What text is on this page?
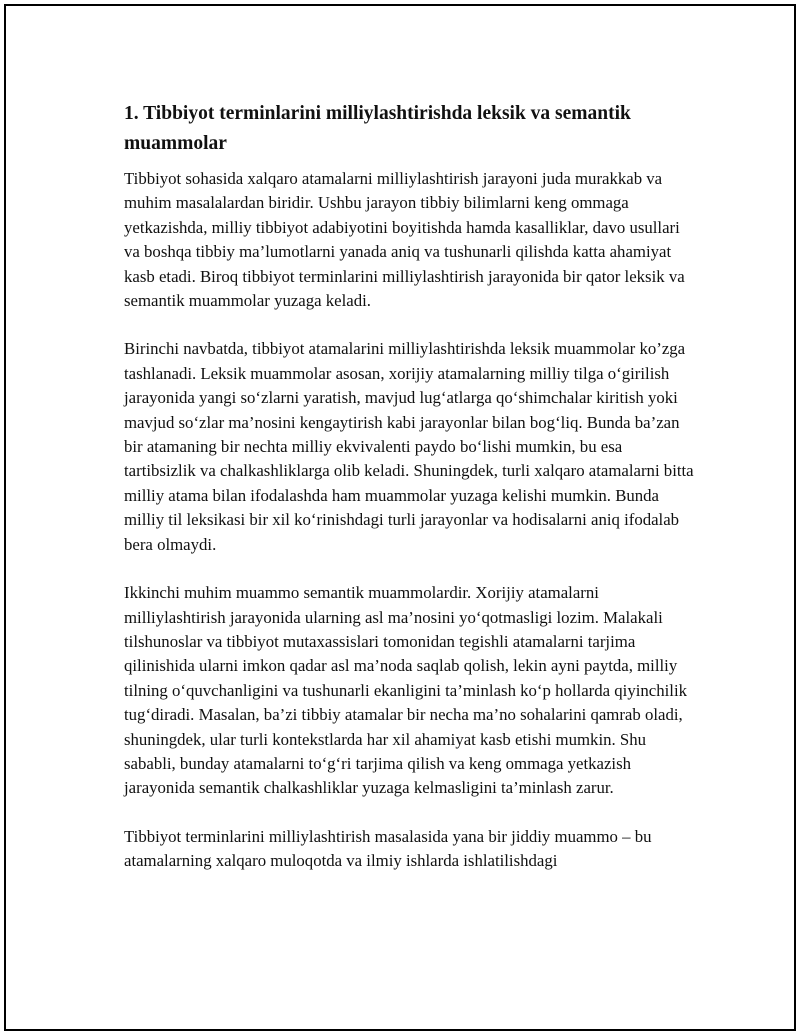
1. Tibbiyot terminlarini milliylashtirishda leksik va semantik muammolar

Tibbiyot sohasida xalqaro atamalarni milliylashtirish jarayoni juda murakkab va muhim masalalardan biridir. Ushbu jarayon tibbiy bilimlarni keng ommaga yetkazishda, milliy tibbiyot adabiyotini boyitishda hamda kasalliklar, davo usullari va boshqa tibbiy ma’lumotlarni yanada aniq va tushunarli qilishda katta ahamiyat kasb etadi. Biroq tibbiyot terminlarini milliylashtirish jarayonida bir qator leksik va semantik muammolar yuzaga keladi.

Birinchi navbatda, tibbiyot atamalarini milliylashtirishda leksik muammolar ko’zga tashlanadi. Leksik muammolar asosan, xorijiy atamalarning milliy tilga o‘girilish jarayonida yangi so‘zlarni yaratish, mavjud lug‘atlarga qo‘shimchalar kiritish yoki mavjud so‘zlar ma’nosini kengaytirish kabi jarayonlar bilan bog‘liq. Bunda ba’zan bir atamaning bir nechta milliy ekvivalenti paydo bo‘lishi mumkin, bu esa tartibsizlik va chalkashliklarga olib keladi. Shuningdek, turli xalqaro atamalarni bitta milliy atama bilan ifodalashda ham muammolar yuzaga kelishi mumkin. Bunda milliy til leksikasi bir xil ko‘rinishdagi turli jarayonlar va hodisalarni aniq ifodalab bera olmaydi.

Ikkinchi muhim muammo semantik muammolardir. Xorijiy atamalarni milliylashtirish jarayonida ularning asl ma’nosini yo‘qotmasligi lozim. Malakali tilshunoslar va tibbiyot mutaxassislari tomonidan tegishli atamalarni tarjima qilinishida ularni imkon qadar asl ma’noda saqlab qolish, lekin ayni paytda, milliy tilning o‘quvchanligini va tushunarli ekanligini ta’minlash ko‘p hollarda qiyinchilik tug‘diradi. Masalan, ba’zi tibbiy atamalar bir necha ma’no sohalarini qamrab oladi, shuningdek, ular turli kontekstlarda har xil ahamiyat kasb etishi mumkin. Shu sababli, bunday atamalarni to‘g‘ri tarjima qilish va keng ommaga yetkazish jarayonida semantik chalkashliklar yuzaga kelmasligini ta’minlash zarur.

Tibbiyot terminlarini milliylashtirish masalasida yana bir jiddiy muammo – bu atamalarning xalqaro muloqotda va ilmiy ishlarda ishlatilishdagi
